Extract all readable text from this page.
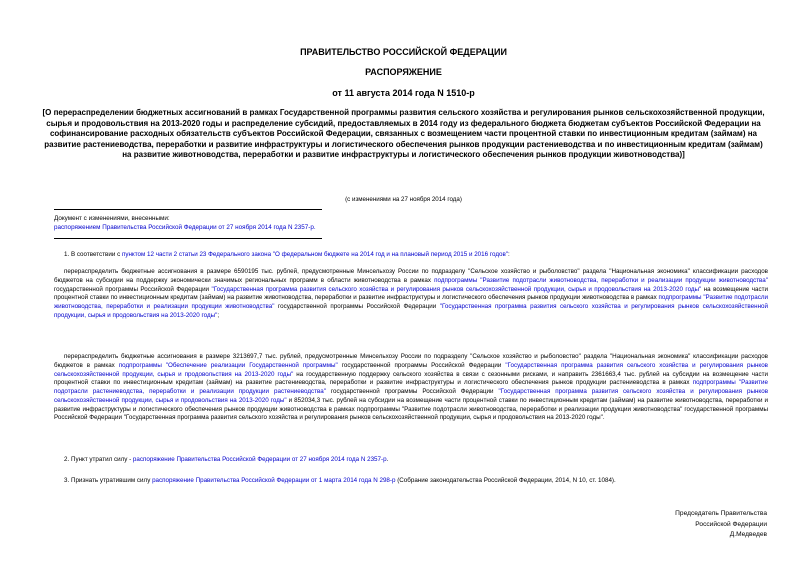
ПРАВИТЕЛЬСТВО РОССИЙСКОЙ ФЕДЕРАЦИИ
РАСПОРЯЖЕНИЕ
от 11 августа 2014 года N 1510-р
[О перераспределении бюджетных ассигнований в рамках Государственной программы развития сельского хозяйства и регулирования рынков сельскохозяйственной продукции, сырья и продовольствия на 2013-2020 годы и распределение субсидий, предоставляемых в 2014 году из федерального бюджета бюджетам субъектов Российской Федерации на софинансирование расходных обязательств субъектов Российской Федерации, связанных с возмещением части процентной ставки по инвестиционным кредитам (займам) на развитие растениеводства, переработки и развитие инфраструктуры и логистического обеспечения рынков продукции растениеводства и по инвестиционным кредитам (займам) на развитие животноводства, переработки и развитие инфраструктуры и логистического обеспечения рынков продукции животноводства)]
(с изменениями на 27 ноября 2014 года)
Документ с изменениями, внесенными:
распоряжением Правительства Российской Федерации от 27 ноября 2014 года N 2357-р.
1. В соответствии с пунктом 12 части 2 статьи 23 Федерального закона "О федеральном бюджете на 2014 год и на плановый период 2015 и 2016 годов":
перераспределить бюджетные ассигнования в размере 6590195 тыс. рублей, предусмотренные Минсельхозу России по подразделу "Сельское хозяйство и рыболовство" раздела "Национальная экономика" классификации расходов бюджетов на субсидии на поддержку экономически значимых региональных программ в области животноводства в рамках подпрограммы "Развитие подотрасли животноводства, переработки и реализации продукции животноводства" государственной программы Российской Федерации "Государственная программа развития сельского хозяйства и регулирования рынков сельскохозяйственной продукции, сырья и продовольствия на 2013-2020 годы" на возмещение части процентной ставки по инвестиционным кредитам (займам) на развитие животноводства, переработки и развитие инфраструктуры и логистического обеспечения рынков продукции животноводства в рамках подпрограммы "Развитие подотрасли животноводства, переработки и реализации продукции животноводства" государственной программы Российской Федерации "Государственная программа развития сельского хозяйства и регулирования рынков сельскохозяйственной продукции, сырья и продовольствия на 2013-2020 годы";
перераспределить бюджетные ассигнования в размере 3213697,7 тыс. рублей, предусмотренные Минсельхозу России по подразделу "Сельское хозяйство и рыболовство" раздела "Национальная экономика" классификации расходов бюджетов в рамках подпрограммы "Обеспечение реализации Государственной программы" государственной программы Российской Федерации "Государственная программа развития сельского хозяйства и регулирования рынков сельскохозяйственной продукции, сырья и продовольствия на 2013-2020 годы" на государственную поддержку сельского хозяйства в связи с сезонными рисками, и направить 2361663,4 тыс. рублей на субсидии на возмещение части процентной ставки по инвестиционным кредитам (займам) на развитие растениеводства, переработки и развитие инфраструктуры и логистического обеспечения рынков продукции растениеводства в рамках подпрограммы "Развитие подотрасли растениеводства, переработки и реализации продукции растениеводства" государственной программы Российской Федерации "Государственная программа развития сельского хозяйства и регулирования рынков сельскохозяйственной продукции, сырья и продовольствия на 2013-2020 годы" и 852034,3 тыс. рублей на субсидии на возмещение части процентной ставки по инвестиционным кредитам (займам) на развитие животноводства, переработки и развитие инфраструктуры и логистического обеспечения рынков продукции животноводства в рамках подпрограммы "Развитие подотрасли животноводства, переработки и реализации продукции животноводства" государственной программы Российской Федерации "Государственная программа развития сельского хозяйства и регулирования рынков сельскохозяйственной продукции, сырья и продовольствия на 2013-2020 годы".
2. Пункт утратил силу - распоряжение Правительства Российской Федерации от 27 ноября 2014 года N 2357-р.
3. Признать утратившим силу распоряжение Правительства Российской Федерации от 1 марта 2014 года N 298-р (Собрание законодательства Российской Федерации, 2014, N 10, ст. 1084).
Председатель Правительства
Российской Федерации
Д.Медведев
